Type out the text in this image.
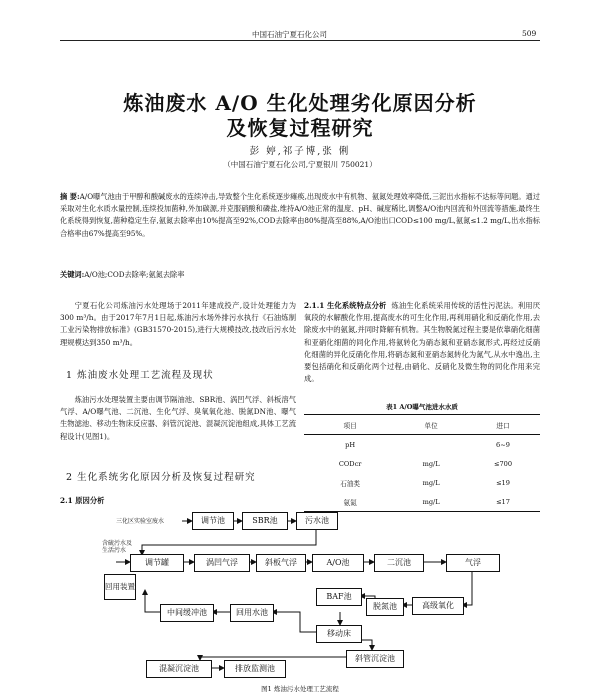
中国石油宁夏石化公司	509
炼油废水 A/O 生化处理劣化原因分析
及恢复过程研究
彭 婷,祁子博,张 俐
（中国石油宁夏石化公司,宁夏银川 750021）
摘 要:A/O曝气池由于甲醇和酸碱废水的连续冲击,导致整个生化系统逐步瘫痪,出现废水中有机物、氨氮处理效率降低,三泥出水指标不达标等问题。通过采取对生化水质水量控制,连续投加菌种,外加碳源,并克服硝酸和磷盐,维持A/O池正常的温度、pH、碱度稀比,调整A/O池内回流和外回流等措施,最终生化系统得到恢复,菌种稳定生存,氨氮去除率由10%提高至92%,COD去除率由80%提高至88%,A/O池出口COD≤100 mg/L,氨氮≤1.2 mg/L,出水指标合格率由67%提高至95%。
关键词:A/O池;COD去除率;氨氮去除率
宁夏石化公司炼油污水处理场于2011年建成投产,设计处理能力为300 m³/h。由于2017年7月1日起,炼油污水场外排污水执行《石油炼制工业污染物排放标准》(GB31570-2015),进行大规模技改,技改后污水处理规模达到350 m³/h。
1 炼油废水处理工艺流程及现状
炼油污水处理装置主要由调节隔油池、SBR池、涡凹气浮、斜板溶气气浮、A/O曝气池、二沉池、生化气浮、臭氧氧化池、脱氮DN池、曝气生物滤池、移动生物床反应器、斜管沉淀池、混凝沉淀池组成,具体工艺流程设计(见图1)。
2 生化系统劣化原因分析及恢复过程研究
2.1 原因分析
2.1.1 生化系统特点分析 炼油生化系统采用传统的活性污泥法。利用厌氧段的水解酸化作用,提高废水的可生化作用,再利用硝化和反硝化作用,去除废水中的氨氮,并同时降解有机物。其生物脱氮过程主要是依靠硝化细菌和亚硝化细菌的同化作用,将氨转化为硝态氮和亚硝态氮形式,再经过反硝化细菌的异化反硝化作用,将硝态氮和亚硝态氮转化为氮气,从水中逸出,主要包括硝化和反硝化两个过程,由硝化、反硝化及微生物的同化作用来完成。
表1 A/O曝气池进水水质
项目	单位	进口
pH		6~9
CODcr	mg/L	≤700
石油类	mg/L	≤19
氨氮	mg/L	≤17
三化区实验室废水
含硫污水及生活污水
调节池	SBR池	污水池
调节罐	涡凹气浮	斜板气浮	A/O池	二沉池	气浮
回用装置
中间缓冲池	回用水池
BAF池
脱氮池	高级氧化
移动床
斜管沉淀池
混凝沉淀池	排放监测池
图1 炼油污水处理工艺流程
